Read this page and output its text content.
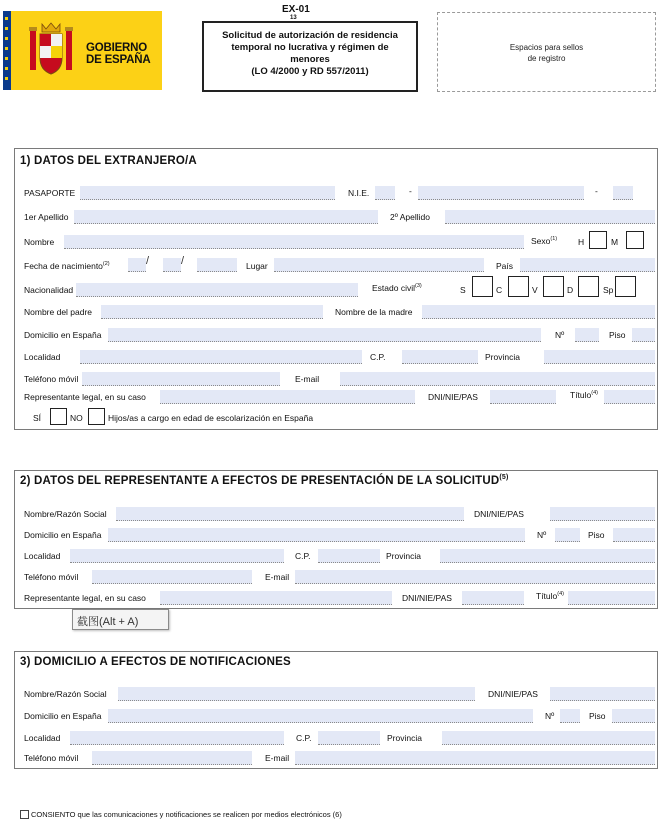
GOBIERNO
DE ESPAÑA
EX-01
13
Solicitud de autorización de residencia
temporal no lucrativa y régimen de
menores
(LO 4/2000 y RD 557/2011)
Espacios para sellos
de registro
1) DATOS DEL EXTRANJERO/A
PASAPORTE	N.I.E.	-	-
1er Apellido	2º Apellido
Nombre	Sexo$^{(1)}$ H	M
Fecha de nacimiento$^{(2)}$	/	/	Lugar	País
Nacionalidad	Estado civil$^{(3)}$	S	C	V	D	Sp
Nombre del padre	Nombre de la madre
Domicilio en España	Nº	Piso
Localidad	C.P.	Provincia
Teléfono móvil	E-mail
Representante legal, en su caso	DNI/NIE/PAS	Título$^{(4)}$
SÍ	NO	Hijos/as a cargo en edad de escolarización en España
2) DATOS DEL REPRESENTANTE A EFECTOS DE PRESENTACIÓN DE LA SOLICITUD$^{(5)}$
Nombre/Razón Social	DNI/NIE/PAS
Domicilio en España	Nº	Piso
Localidad	C.P.	Provincia
Teléfono móvil	E-mail
Representante legal, en su caso	DNI/NIE/PAS	Título$^{(4)}$
截图(Alt + A)
3) DOMICILIO A EFECTOS DE NOTIFICACIONES
Nombre/Razón Social	DNI/NIE/PAS
Domicilio en España	Nº	Piso
Localidad	C.P.	Provincia
Teléfono móvil	E-mail
CONSIENTO que las comunicaciones y notificaciones se realicen por medios electrónicos (6)
